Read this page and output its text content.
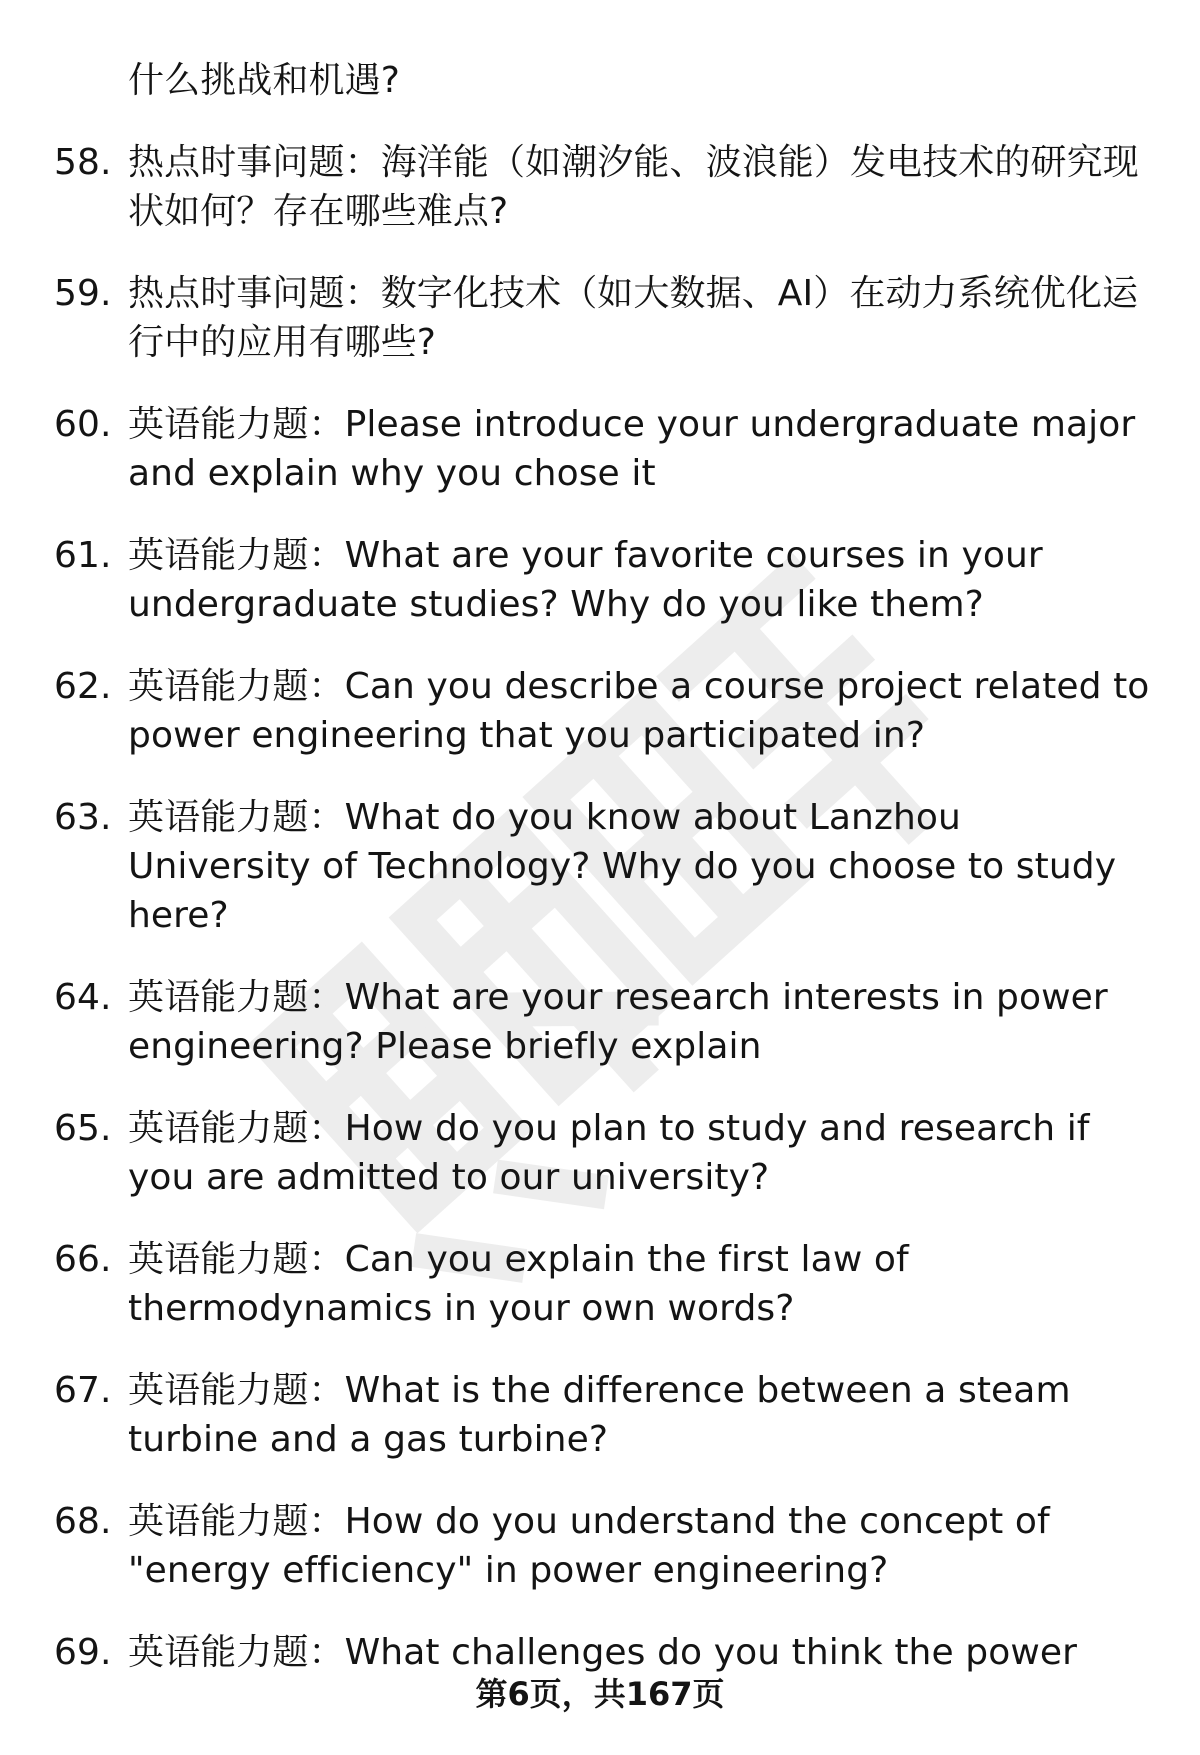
什么挑战和机遇?
58. 热点时事问题：海洋能（如潮汐能、波浪能）发电技术的研究现状如何？存在哪些难点?
59. 热点时事问题：数字化技术（如大数据、AI）在动力系统优化运行中的应用有哪些?
60. 英语能力题：Please introduce your undergraduate major and explain why you chose it
61. 英语能力题：What are your favorite courses in your undergraduate studies? Why do you like them?
62. 英语能力题：Can you describe a course project related to power engineering that you participated in?
63. 英语能力题：What do you know about Lanzhou University of Technology? Why do you choose to study here?
64. 英语能力题：What are your research interests in power engineering? Please briefly explain
65. 英语能力题：How do you plan to study and research if you are admitted to our university?
66. 英语能力题：Can you explain the first law of thermodynamics in your own words?
67. 英语能力题：What is the difference between a steam turbine and a gas turbine?
68. 英语能力题：How do you understand the concept of "energy efficiency" in power engineering?
69. 英语能力题：What challenges do you think the power
第6页，共167页
